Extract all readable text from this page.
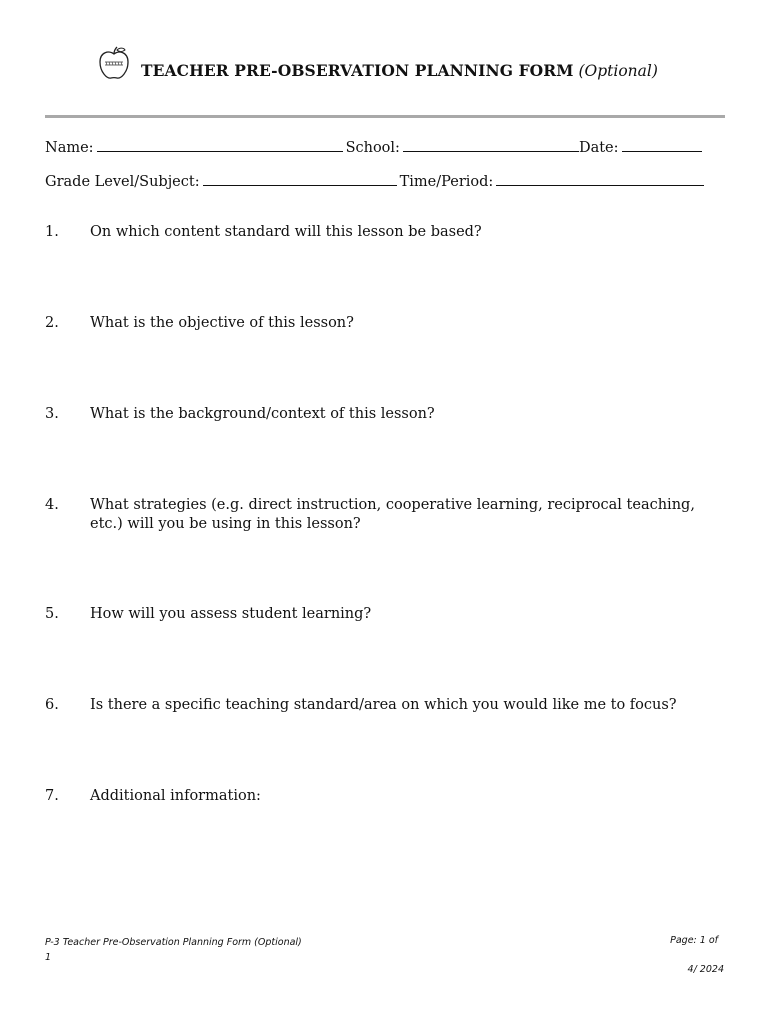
TEACHER PRE-OBSERVATION PLANNING FORM (Optional)
Name:	School:	Date:
Grade Level/Subject:	Time/Period:
1.	On which content standard will this lesson be based?
2.	What is the objective of this lesson?
3.	What is the background/context of this lesson?
4.	What strategies (e.g. direct instruction, cooperative learning, reciprocal teaching, etc.) will you be using in this lesson?
5.	How will you assess student learning?
6.	Is there a specific teaching standard/area on which you would like me to focus?
7.	Additional information:
P-3 Teacher Pre-Observation Planning Form (Optional)
1
Page: 1 of
4/ 2024
